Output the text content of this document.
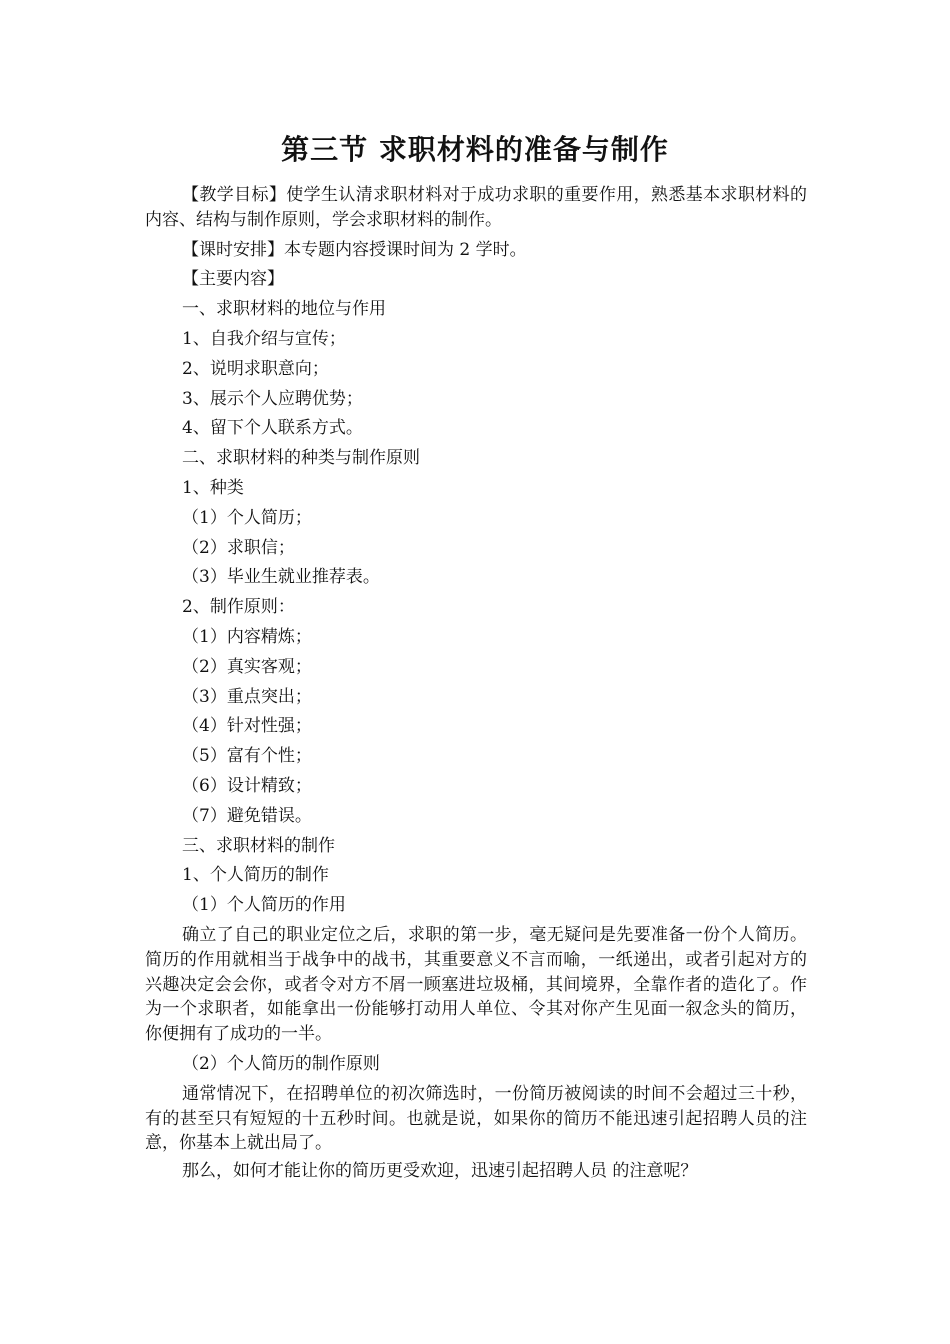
第三节 求职材料的准备与制作
【教学目标】使学生认清求职材料对于成功求职的重要作用，熟悉基本求职材料的内容、结构与制作原则，学会求职材料的制作。
【课时安排】本专题内容授课时间为 2 学时。
【主要内容】
一、求职材料的地位与作用
1、自我介绍与宣传；
2、说明求职意向；
3、展示个人应聘优势；
4、留下个人联系方式。
二、求职材料的种类与制作原则
1、种类
（1）个人简历；
（2）求职信；
（3）毕业生就业推荐表。
2、制作原则：
（1）内容精炼；
（2）真实客观；
（3）重点突出；
（4）针对性强；
（5）富有个性；
（6）设计精致；
（7）避免错误。
三、求职材料的制作
1、个人简历的制作
（1）个人简历的作用
确立了自己的职业定位之后，求职的第一步，毫无疑问是先要准备一份个人简历。简历的作用就相当于战争中的战书，其重要意义不言而喻，一纸递出，或者引起对方的兴趣决定会会你，或者令对方不屑一顾塞进垃圾桶，其间境界，全靠作者的造化了。作为一个求职者，如能拿出一份能够打动用人单位、令其对你产生见面一叙念头的简历，你便拥有了成功的一半。
（2）个人简历的制作原则
通常情况下，在招聘单位的初次筛选时，一份简历被阅读的时间不会超过三十秒，有的甚至只有短短的十五秒时间。也就是说，如果你的简历不能迅速引起招聘人员的注意，你基本上就出局了。
那么，如何才能让你的简历更受欢迎，迅速引起招聘人员 的注意呢？
